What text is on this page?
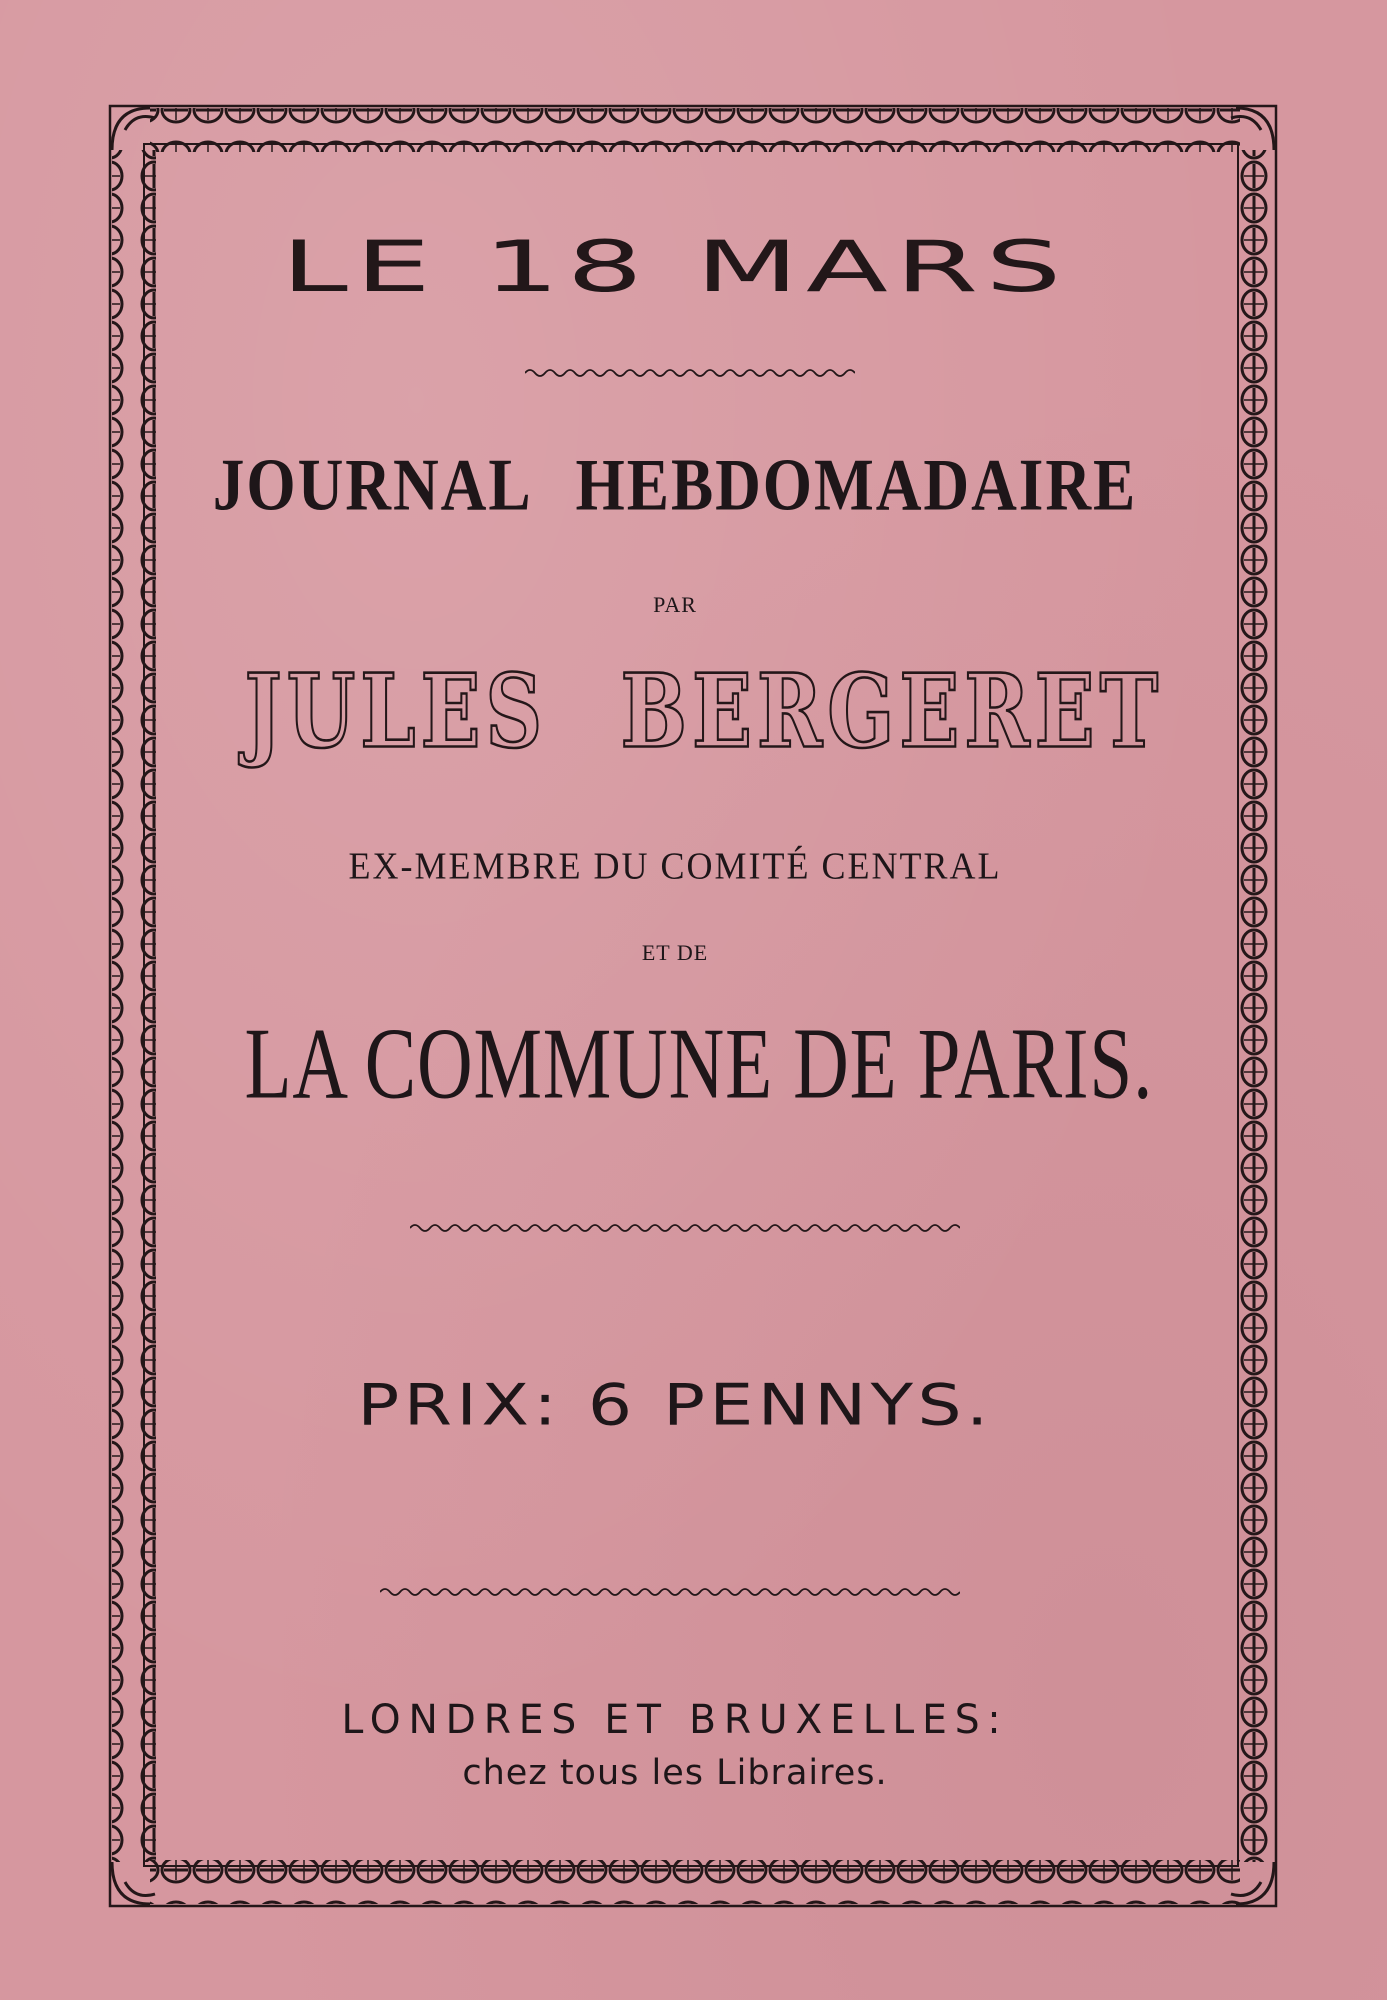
LE 18 MARS
JOURNAL HEBDOMADAIRE
PAR
JULES BERGERET
EX-MEMBRE DU COMITÉ CENTRAL
ET DE
LA COMMUNE DE PARIS.
PRIX: 6 PENNYS.
LONDRES ET BRUXELLES:
chez tous les Libraires.
